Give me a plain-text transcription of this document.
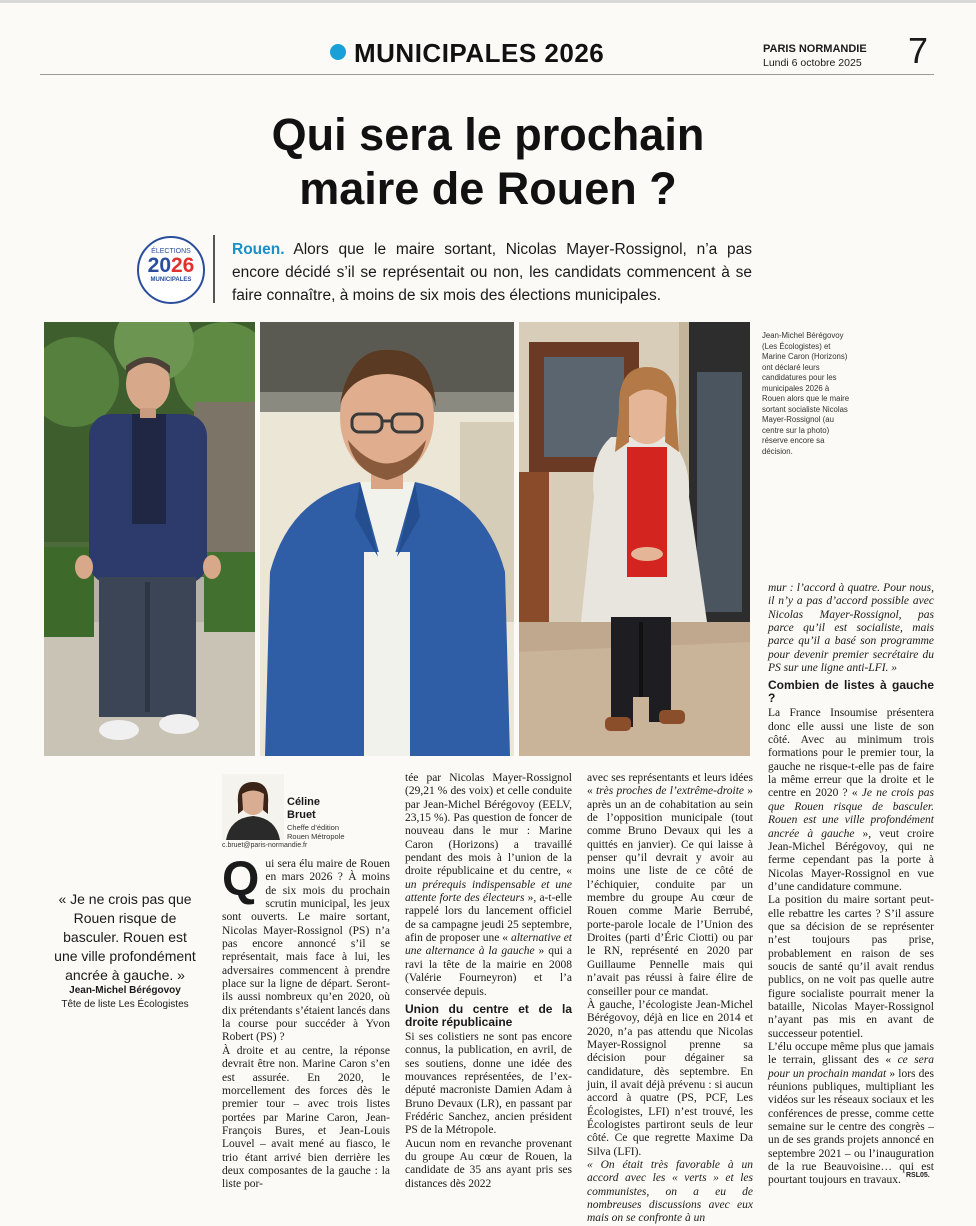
MUNICIPALES 2026	PARIS NORMANDIE
Lundi 6 octobre 2025 7
Qui sera le prochain
maire de Rouen ?
ÉLECTIONS
2026
MUNICIPALES
Rouen. Alors que le maire sortant, Nicolas Mayer-Rossignol, n’a pas encore décidé s’il se représentait ou non, les candidats commencent à se faire connaître, à moins de six mois des élections municipales.
Jean-Michel Bérégovoy (Les Écologistes) et Marine Caron (Horizons) ont déclaré leurs candidatures pour les municipales 2026 à Rouen alors que le maire sortant socialiste Nicolas Mayer-Rossignol (au centre sur la photo) réserve encore sa décision.
Céline
Bruet
Cheffe d’édition
Rouen Métropole
c.bruet@paris-normandie.fr
« Je ne crois pas que Rouen risque de basculer. Rouen est une ville profondément ancrée à gauche. »
Jean-Michel Bérégovoy
Tête de liste Les Écologistes

Qui sera élu maire de Rouen en mars 2026 ? À moins de six mois du prochain scrutin municipal, les jeux sont ouverts. Le maire sortant, Nicolas Mayer-Rossignol (PS) n’a pas encore annoncé s’il se représentait, mais face à lui, les adversaires commencent à prendre place sur la ligne de départ. Seront-ils aussi nombreux qu’en 2020, où dix prétendants s’étaient lancés dans la course pour succéder à Yvon Robert (PS) ?

À droite et au centre, la réponse devrait être non. Marine Caron s’en est assurée. En 2020, le morcellement des forces dès le premier tour – avec trois listes portées par Marine Caron, Jean-François Bures, et Jean-Louis Louvel – avait mené au fiasco, le trio étant arrivé bien derrière les deux composantes de la gauche : la liste por-

tée par Nicolas Mayer-Rossignol (29,21 % des voix) et celle conduite par Jean-Michel Bérégovoy (EELV, 23,15 %). Pas question de foncer de nouveau dans le mur : Marine Caron (Horizons) a travaillé pendant des mois à l’union de la droite républicaine et du centre, « un prérequis indispensable et une attente forte des électeurs », a-t-elle rappelé lors du lancement officiel de sa campagne jeudi 25 septembre, afin de proposer une « alternative et une alternance à la gauche » qui a ravi la tête de la mairie en 2008 (Valérie Fourneyron) et l’a conservée depuis.

Union du centre et de la droite républicaine

Si ses colistiers ne sont pas encore connus, la publication, en avril, de ses soutiens, donne une idée des mouvances représentées, de l’ex-député macroniste Damien Adam à Bruno Devaux (LR), en passant par Frédéric Sanchez, ancien président PS de la Métropole.

Aucun nom en revanche provenant du groupe Au cœur de Rouen, la candidate de 35 ans ayant pris ses distances dès 2022

avec ses représentants et leurs idées « très proches de l’extrême-droite » après un an de cohabitation au sein de l’opposition municipale (tout comme Bruno Devaux qui les a quittés en janvier). Ce qui laisse à penser qu’il devrait y avoir au moins une liste de ce côté de l’échiquier, conduite par un membre du groupe Au cœur de Rouen comme Marie Berrubé, porte-parole locale de l’Union des Droites (parti d’Éric Ciotti) ou par le RN, représenté en 2020 par Guillaume Pennelle mais qui n’avait pas réussi à faire élire de conseiller pour ce mandat.

À gauche, l’écologiste Jean-Michel Bérégovoy, déjà en lice en 2014 et 2020, n’a pas attendu que Nicolas Mayer-Rossignol prenne sa décision pour dégainer sa candidature, dès septembre. En juin, il avait déjà prévenu : si aucun accord à quatre (PS, PCF, Les Écologistes, LFI) n’est trouvé, les Écologistes partiront seuls de leur côté. Ce que regrette Maxime Da Silva (LFI).

« On était très favorable à un accord avec les « verts » et les communistes, on a eu de nombreuses discussions avec eux mais on se confronte à un

mur : l’accord à quatre. Pour nous, il n’y a pas d’accord possible avec Nicolas Mayer-Rossignol, pas parce qu’il est socialiste, mais parce qu’il a basé son programme pour devenir premier secrétaire du PS sur une ligne anti-LFI. »

Combien de listes à gauche ?

La France Insoumise présentera donc elle aussi une liste de son côté. Avec au minimum trois formations pour le premier tour, la gauche ne risque-t-elle pas de faire la même erreur que la droite et le centre en 2020 ? « Je ne crois pas que Rouen risque de basculer. Rouen est une ville profondément ancrée à gauche », veut croire Jean-Michel Bérégovoy, qui ne ferme cependant pas la porte à Nicolas Mayer-Rossignol en vue d’une candidature commune.

La position du maire sortant peut-elle rebattre les cartes ? S’il assure que sa décision de se représenter n’est toujours pas prise, probablement en raison de ses soucis de santé qu’il avait rendus publics, on ne voit pas quelle autre figure socialiste pourrait mener la bataille, Nicolas Mayer-Rossignol n’ayant pas mis en avant de successeur potentiel.

L’élu occupe même plus que jamais le terrain, glissant des « ce sera pour un prochain mandat » lors des réunions publiques, multipliant les vidéos sur les réseaux sociaux et les conférences de presse, comme cette semaine sur le centre des congrès – un de ses grands projets annoncé en septembre 2021 – ou l’inauguration de la rue Beauvoisine… qui est pourtant toujours en travaux. RSL05.
